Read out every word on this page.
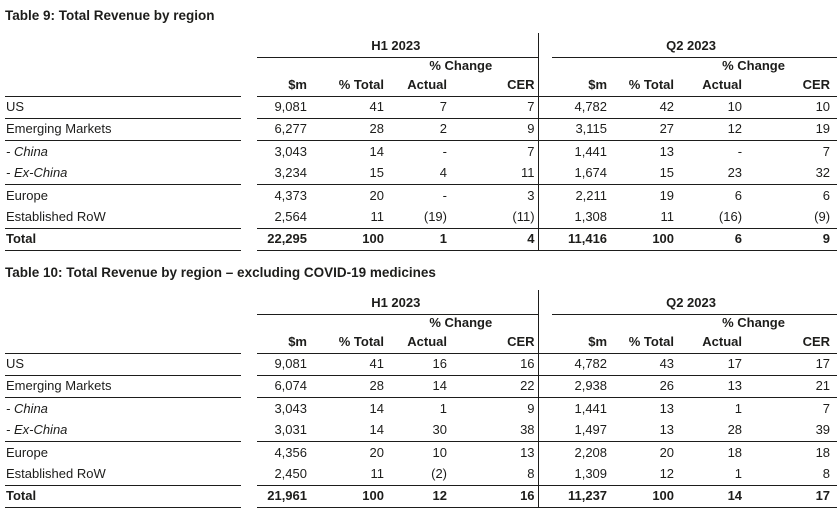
Table 9: Total Revenue by region
		H1 2023					Q2 2023			
				% Change					% Change	
		$m	% Total	Actual	CER		$m	% Total	Actual	CER
US		9,081	41	7	7		4,782	42	10	10
Emerging Markets		6,277	28	2	9		3,115	27	12	19
- China		3,043	14	-	7		1,441	13	-	7
- Ex-China		3,234	15	4	11		1,674	15	23	32
Europe		4,373	20	-	3		2,211	19	6	6
Established RoW		2,564	11	(19)	(11)		1,308	11	(16)	(9)
Total		22,295	100	1	4		11,416	100	6	9
Table 10: Total Revenue by region – excluding COVID-19 medicines
		H1 2023					Q2 2023			
				% Change					% Change	
		$m	% Total	Actual	CER		$m	% Total	Actual	CER
US		9,081	41	16	16		4,782	43	17	17
Emerging Markets		6,074	28	14	22		2,938	26	13	21
- China		3,043	14	1	9		1,441	13	1	7
- Ex-China		3,031	14	30	38		1,497	13	28	39
Europe		4,356	20	10	13		2,208	20	18	18
Established RoW		2,450	11	(2)	8		1,309	12	1	8
Total		21,961	100	12	16		11,237	100	14	17
